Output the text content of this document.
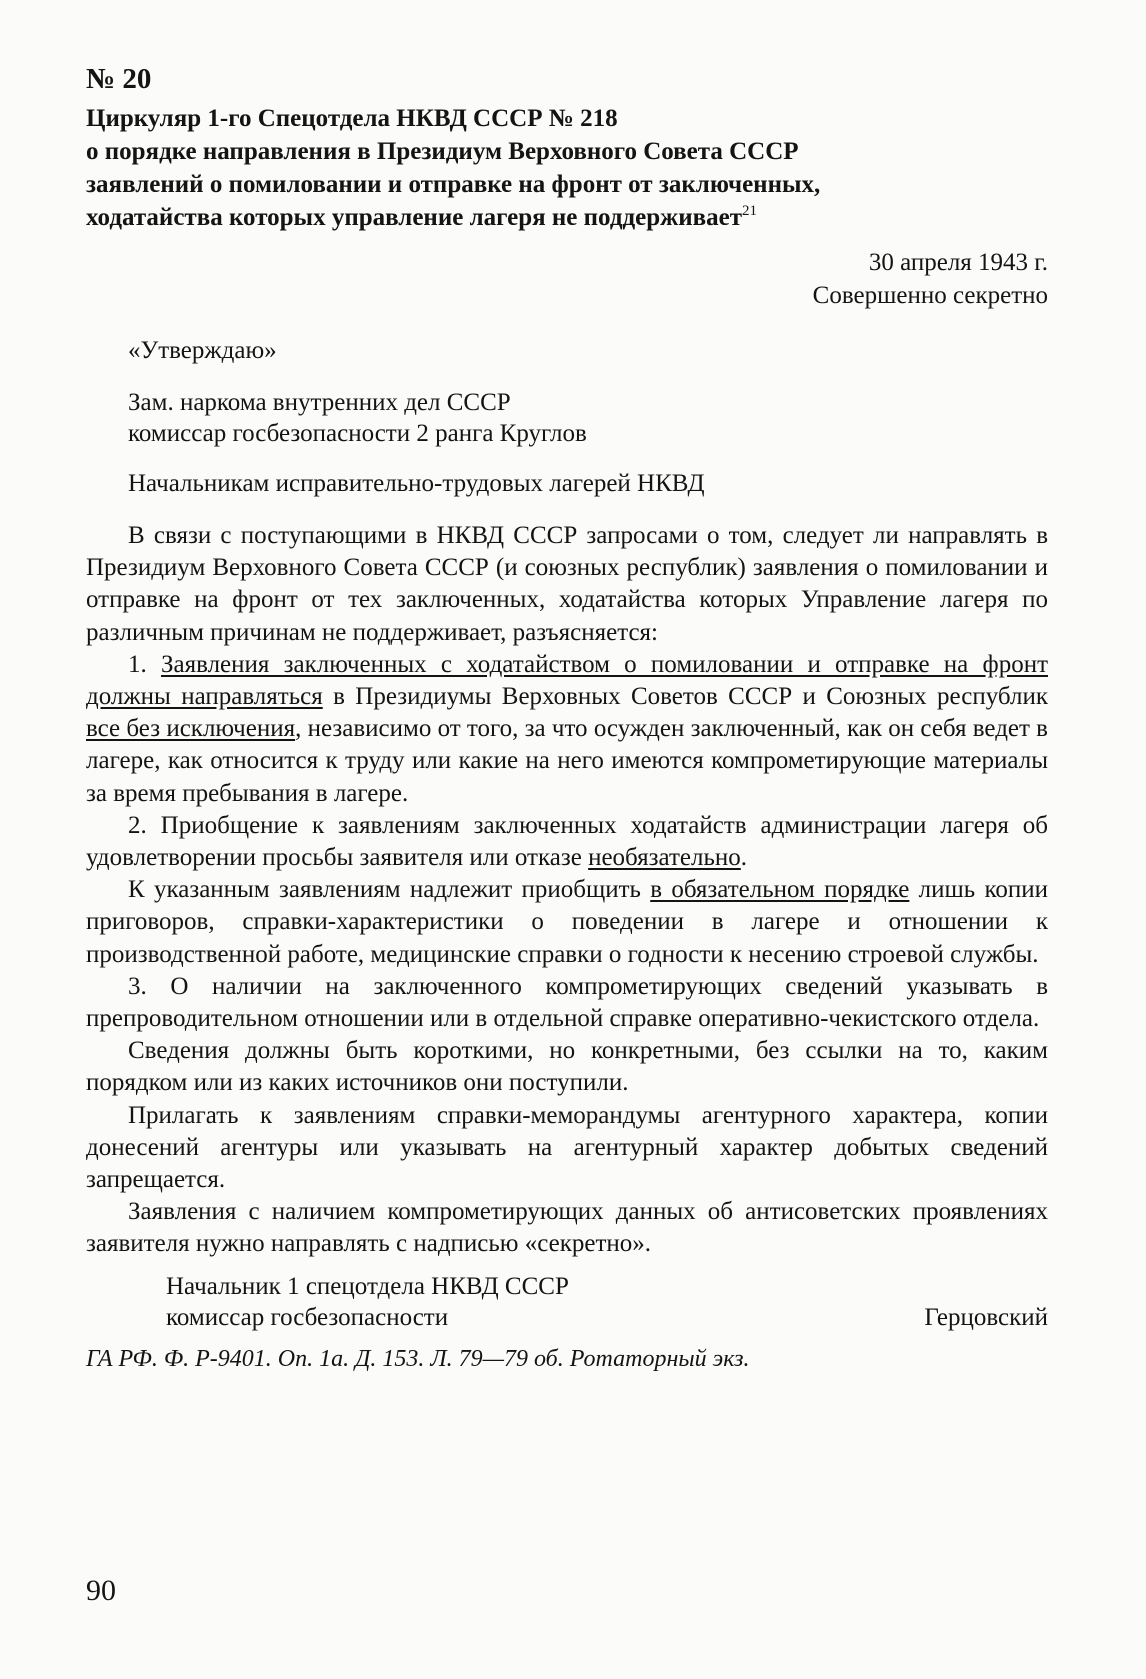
№ 20
Циркуляр 1-го Спецотдела НКВД СССР № 218
о порядке направления в Президиум Верховного Совета СССР
заявлений о помиловании и отправке на фронт от заключенных,
ходатайства которых управление лагеря не поддерживает$^{21}$
30 апреля 1943 г.
Совершенно секретно
«Утверждаю»
Зам. наркома внутренних дел СССР
комиссар госбезопасности 2 ранга Круглов
Начальникам исправительно-трудовых лагерей НКВД

В связи с поступающими в НКВД СССР запросами о том, следует ли направлять в Президиум Верховного Совета СССР (и союзных республик) заявления о помиловании и отправке на фронт от тех заключенных, ходатайства которых Управление лагеря по различным причинам не поддерживает, разъясняется:

1. Заявления заключенных с ходатайством о помиловании и отправке на фронт должны направляться в Президиумы Верховных Советов СССР и Союзных республик все без исключения, независимо от того, за что осужден заключенный, как он себя ведет в лагере, как относится к труду или какие на него имеются компрометирующие материалы за время пребывания в лагере.

2. Приобщение к заявлениям заключенных ходатайств администрации лагеря об удовлетворении просьбы заявителя или отказе необязательно.

К указанным заявлениям надлежит приобщить в обязательном порядке лишь копии приговоров, справки-характеристики о поведении в лагере и отношении к производственной работе, медицинские справки о годности к несению строевой службы.

3. О наличии на заключенного компрометирующих сведений указывать в препроводительном отношении или в отдельной справке оперативно-чекистского отдела.

Сведения должны быть короткими, но конкретными, без ссылки на то, каким порядком или из каких источников они поступили.

Прилагать к заявлениям справки-меморандумы агентурного характера, копии донесений агентуры или указывать на агентурный характер добытых сведений запрещается.

Заявления с наличием компрометирующих данных об антисоветских проявлениях заявителя нужно направлять с надписью «секретно».

Начальник 1 спецотдела НКВД СССР
комиссар госбезопасности	Герцовский
ГА РФ. Ф. Р-9401. Оп. 1а. Д. 153. Л. 79—79 об. Ротаторный экз.
90
